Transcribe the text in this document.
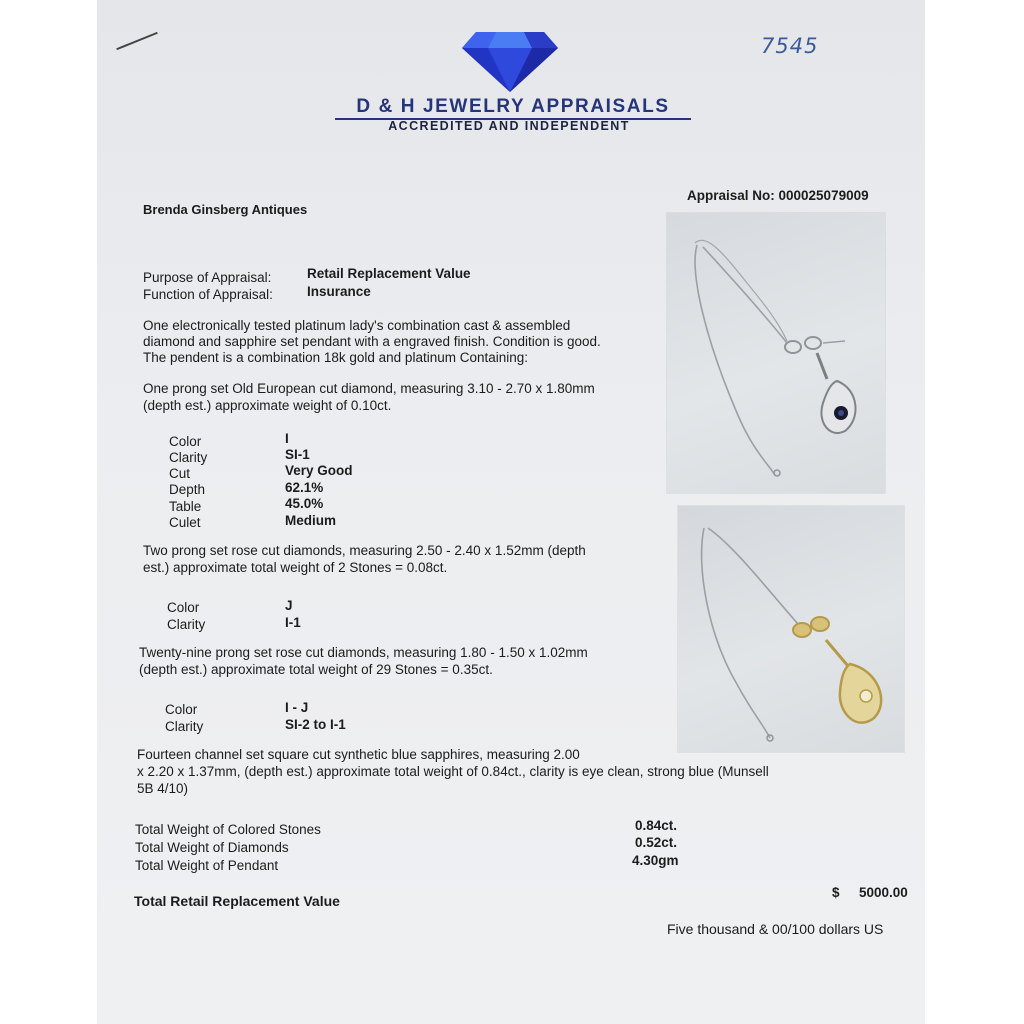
D & H JEWELRY APPRAISALS
ACCREDITED AND INDEPENDENT
7545
Brenda Ginsberg Antiques
Appraisal No: 000025079009
Purpose of Appraisal:	Retail Replacement Value
Function of Appraisal:	Insurance
One electronically tested platinum lady's combination cast & assembled
diamond and sapphire set pendant with a engraved finish. Condition is good.
The pendent is a combination 18k gold and platinum Containing:
One prong set Old European cut diamond, measuring 3.10 - 2.70 x 1.80mm
(depth est.) approximate weight of 0.10ct.
Color	I
Clarity	SI-1
Cut	Very Good
Depth	62.1%
Table	45.0%
Culet	Medium
Two prong set rose cut diamonds, measuring 2.50 - 2.40 x 1.52mm (depth
est.) approximate total weight of 2 Stones = 0.08ct.
Color	J
Clarity	I-1
Twenty-nine prong set rose cut diamonds, measuring 1.80 - 1.50 x 1.02mm
(depth est.) approximate total weight of 29 Stones = 0.35ct.
Color	I - J
Clarity	SI-2 to I-1
Fourteen channel set square cut synthetic blue sapphires, measuring 2.00
x 2.20 x 1.37mm, (depth est.) approximate total weight of 0.84ct., clarity is eye clean, strong blue (Munsell
5B 4/10)
Total Weight of Colored Stones	0.84ct.
Total Weight of Diamonds	0.52ct.
Total Weight of Pendant	4.30gm
Total Retail Replacement Value
$ 5000.00
Five thousand & 00/100 dollars US
